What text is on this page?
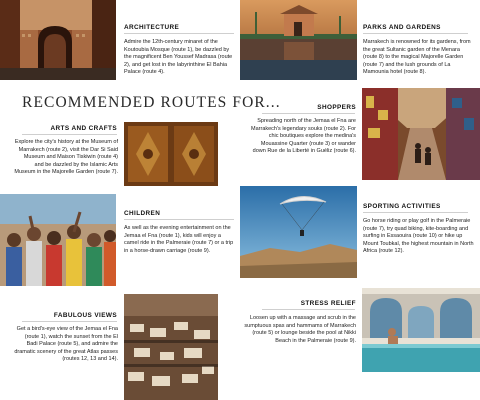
ARCHITECTURE
Admire the 12th-century minaret of the Koutoubia Mosque (route 1), be dazzled by the magnificent Ben Youssef Madrasa (route 2), and get lost in the labyrinthine El Bahia Palace (route 4).
PARKS AND GARDENS
Marrakech is renowned for its gardens, from the great Sultanic garden of the Menara (route 8) to the magical Majorelle Garden (route 7) and the lush grounds of La Mamounia hotel (route 8).
RECOMMENDED ROUTES FOR...
ARTS AND CRAFTS
Explore the city's history at the Museum of Marrakech (route 2), visit the Dar Si Said Museum and Maison Tiskiwin (route 4) and be dazzled by the Islamic Arts Museum in the Majorelle Garden (route 7).
SHOPPERS
Spreading north of the Jemaa el Fna are Marrakech's legendary souks (route 2). For chic boutiques explore the medina's Mouassine Quarter (route 3) or wander down Rue de la Liberté in Guéliz (route 6).
CHILDREN
As well as the evening entertainment on the Jemaa el Fna (route 1), kids will enjoy a camel ride in the Palmeraie (route 7) or a trip in a horse-drawn carriage (route 9).
SPORTING ACTIVITIES
Go horse riding or play golf in the Palmeraie (route 7), try quad biking, kite-boarding and surfing in Essaouira (route 10) or hike up Mount Toubkal, the highest mountain in North Africa (route 12).
FABULOUS VIEWS
Get a bird's-eye view of the Jemaa el Fna (route 1), watch the sunset from the El Badi Palace (route 5), and admire the dramatic scenery of the great Atlas passes (routes 12, 13 and 14).
STRESS RELIEF
Loosen up with a massage and scrub in the sumptuous spas and hammams of Marrakech (route 5) or lounge beside the pool at Nikki Beach in the Palmeraie (route 9).
